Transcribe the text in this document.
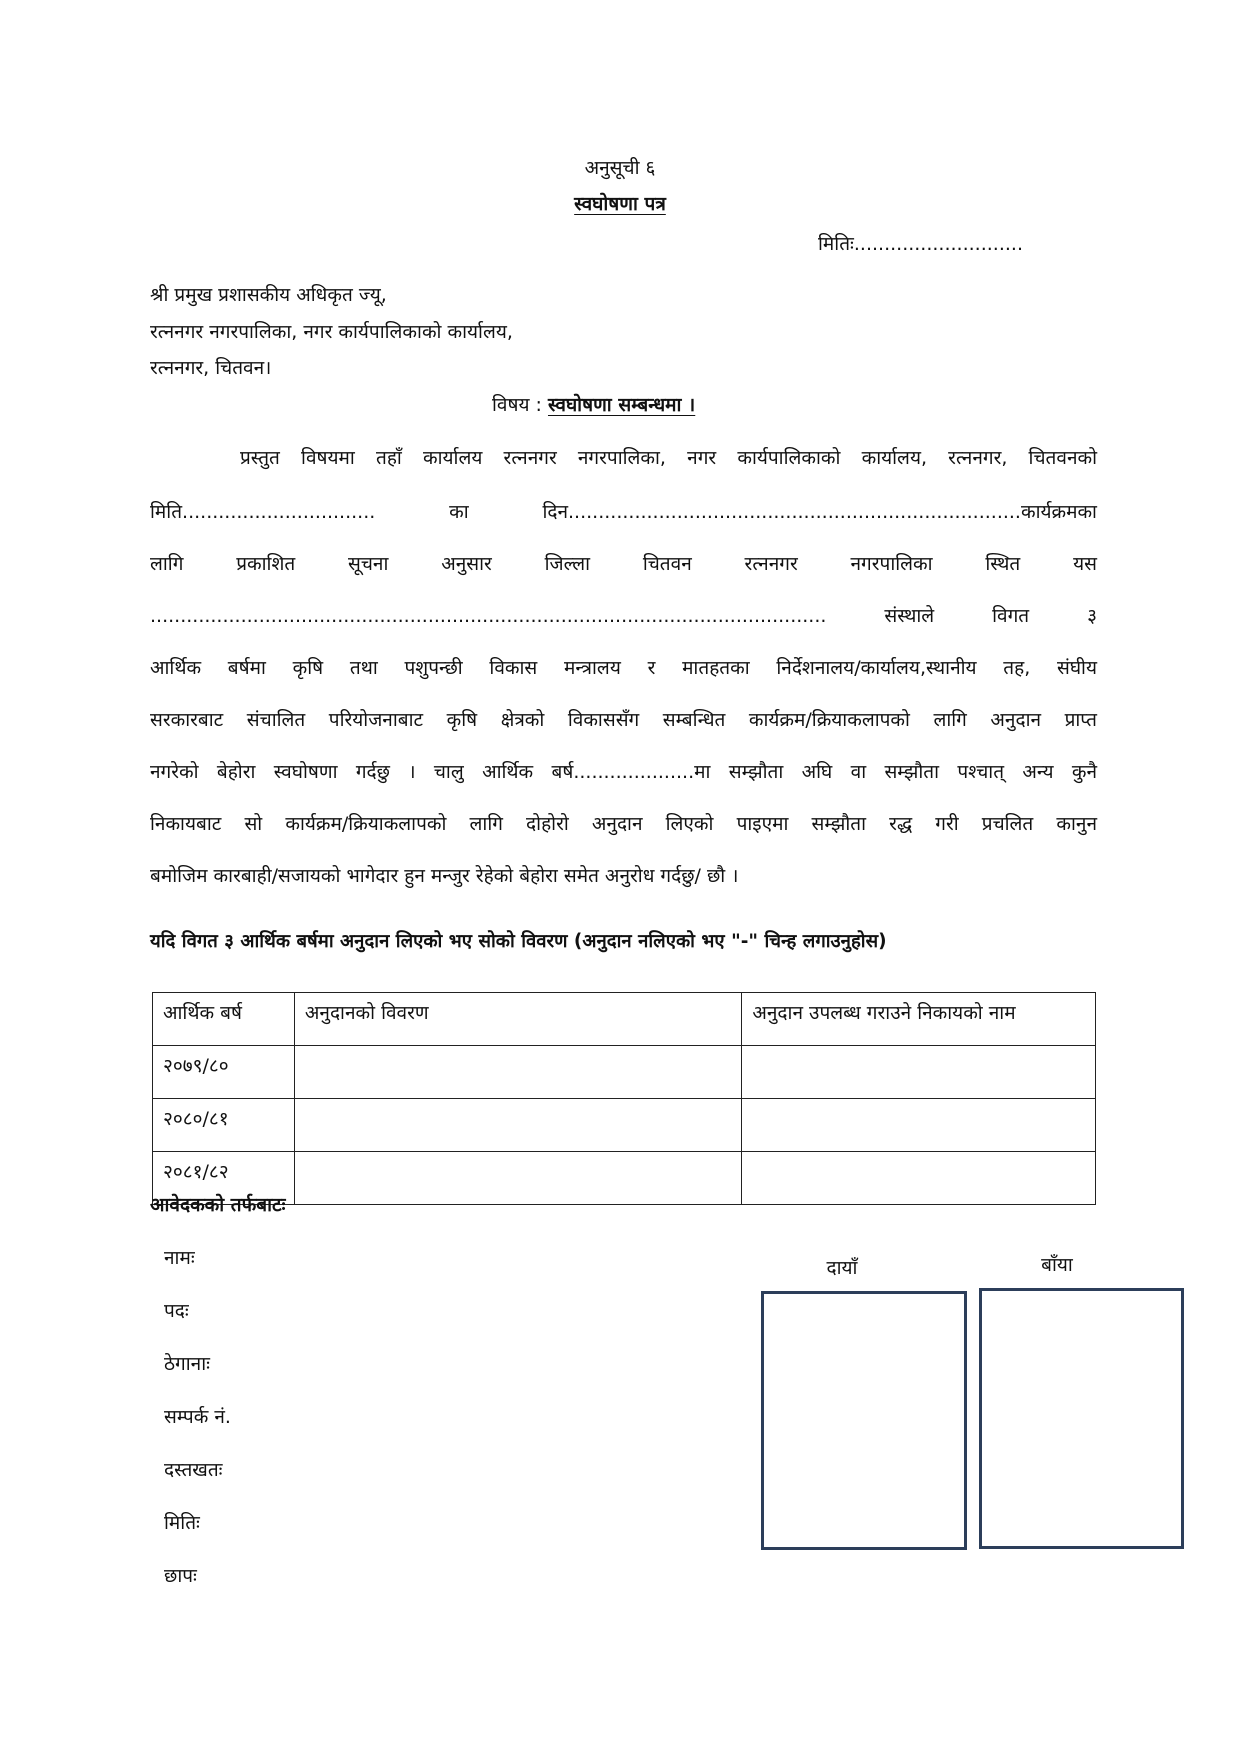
अनुसूची ६
स्वघोषणा पत्र
मितिः............................
श्री प्रमुख प्रशासकीय अधिकृत ज्यू,
रत्ननगर नगरपालिका, नगर कार्यपालिकाको कार्यालय,
रत्ननगर, चितवन।
विषय : स्वघोषणा सम्बन्धमा ।
प्रस्तुत विषयमा तहाँ कार्यालय रत्ननगर नगरपालिका, नगर कार्यपालिकाको कार्यालय, रत्ननगर, चितवनको
मिति................................	का	दिन...........................................................................कार्यक्रमका
लागि	प्रकाशित	सूचना	अनुसार	जिल्ला	चितवन	रत्ननगर	नगरपालिका	स्थित	यस
................................................................................................................	संस्थाले	विगत	३
आर्थिक बर्षमा कृषि तथा पशुपन्छी विकास मन्त्रालय र मातहतका निर्देशनालय/कार्यालय,स्थानीय तह, संघीय
सरकारबाट संचालित परियोजनाबाट कृषि क्षेत्रको विकाससँग सम्बन्धित कार्यक्रम/क्रियाकलापको लागि अनुदान प्राप्त
नगरेको बेहोरा स्वघोषणा गर्दछु । चालु आर्थिक बर्ष....................मा सम्झौता अघि वा सम्झौता पश्चात् अन्य कुनै
निकायबाट सो कार्यक्रम/क्रियाकलापको लागि दोहोरो अनुदान लिएको पाइएमा सम्झौता रद्ध गरी प्रचलित कानुन
बमोजिम कारबाही/सजायको भागेदार हुन मन्जुर रेहेको बेहोरा समेत अनुरोध गर्दछु/ छौ ।
यदि विगत ३ आर्थिक बर्षमा अनुदान लिएको भए सोको विवरण (अनुदान नलिएको भए "-" चिन्ह लगाउनुहोस)
आर्थिक बर्ष	अनुदानको विवरण	अनुदान उपलब्ध गराउने निकायको नाम
२०७९/८०		
२०८०/८१		
२०८१/८२		
आवेदकको तर्फबाटः
नामः
पदः
ठेगानाः
सम्पर्क नं.
दस्तखतः
मितिः
छापः
दायाँ	बाँया
